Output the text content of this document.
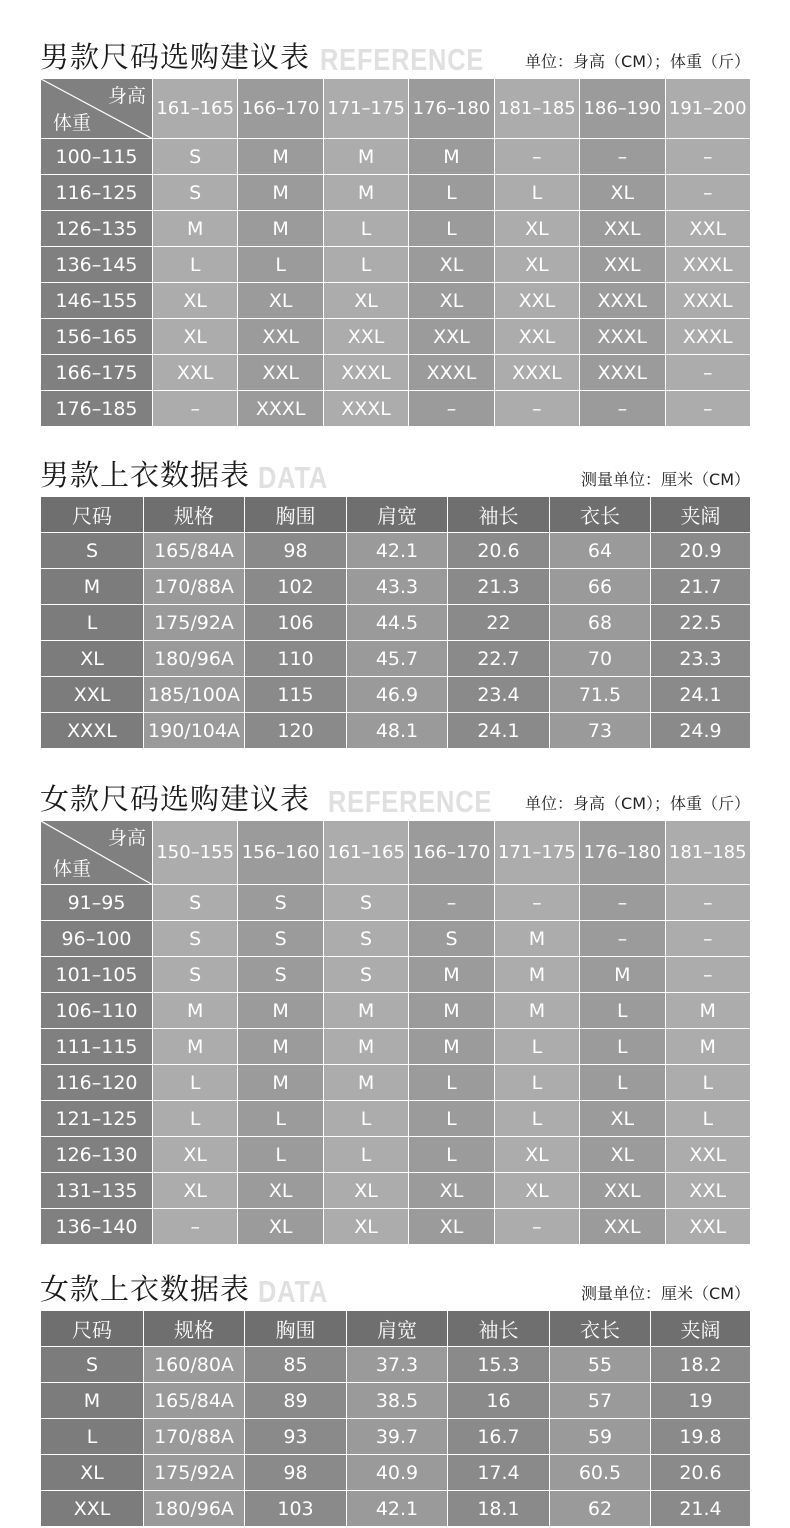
男款尺码选购建议表 REFERENCE	单位：身高（CM）；体重（斤）
身高
体重	161–165	166–170	171–175	176–180	181–185	186–190	191–200
100–115	S	M	M	M	–	–	–
116–125	S	M	M	L	L	XL	–
126–135	M	M	L	L	XL	XXL	XXL
136–145	L	L	L	XL	XL	XXL	XXXL
146–155	XL	XL	XL	XL	XXL	XXXL	XXXL
156–165	XL	XXL	XXL	XXL	XXL	XXXL	XXXL
166–175	XXL	XXL	XXXL	XXXL	XXXL	XXXL	–
176–185	–	XXXL	XXXL	–	–	–	–
男款上衣数据表 DATA	测量单位：厘米（CM）
尺码	规格	胸围	肩宽	袖长	衣长	夹阔
S	165/84A	98	42.1	20.6	64	20.9
M	170/88A	102	43.3	21.3	66	21.7
L	175/92A	106	44.5	22	68	22.5
XL	180/96A	110	45.7	22.7	70	23.3
XXL	185/100A	115	46.9	23.4	71.5	24.1
XXXL	190/104A	120	48.1	24.1	73	24.9
女款尺码选购建议表 REFERENCE 单位：身高（CM）；体重（斤）
身高
体重	150–155	156–160	161–165	166–170	171–175	176–180	181–185
91–95	S	S	S	–	–	–	–
96–100	S	S	S	S	M	–	–
101–105	S	S	S	M	M	M	–
106–110	M	M	M	M	M	L	M
111–115	M	M	M	M	L	L	M
116–120	L	M	M	L	L	L	L
121–125	L	L	L	L	L	XL	L
126–130	XL	L	L	L	XL	XL	XXL
131–135	XL	XL	XL	XL	XL	XXL	XXL
136–140	–	XL	XL	XL	–	XXL	XXL
女款上衣数据表 DATA	测量单位：厘米（CM）
尺码	规格	胸围	肩宽	袖长	衣长	夹阔
S	160/80A	85	37.3	15.3	55	18.2
M	165/84A	89	38.5	16	57	19
L	170/88A	93	39.7	16.7	59	19.8
XL	175/92A	98	40.9	17.4	60.5	20.6
XXL	180/96A	103	42.1	18.1	62	21.4
